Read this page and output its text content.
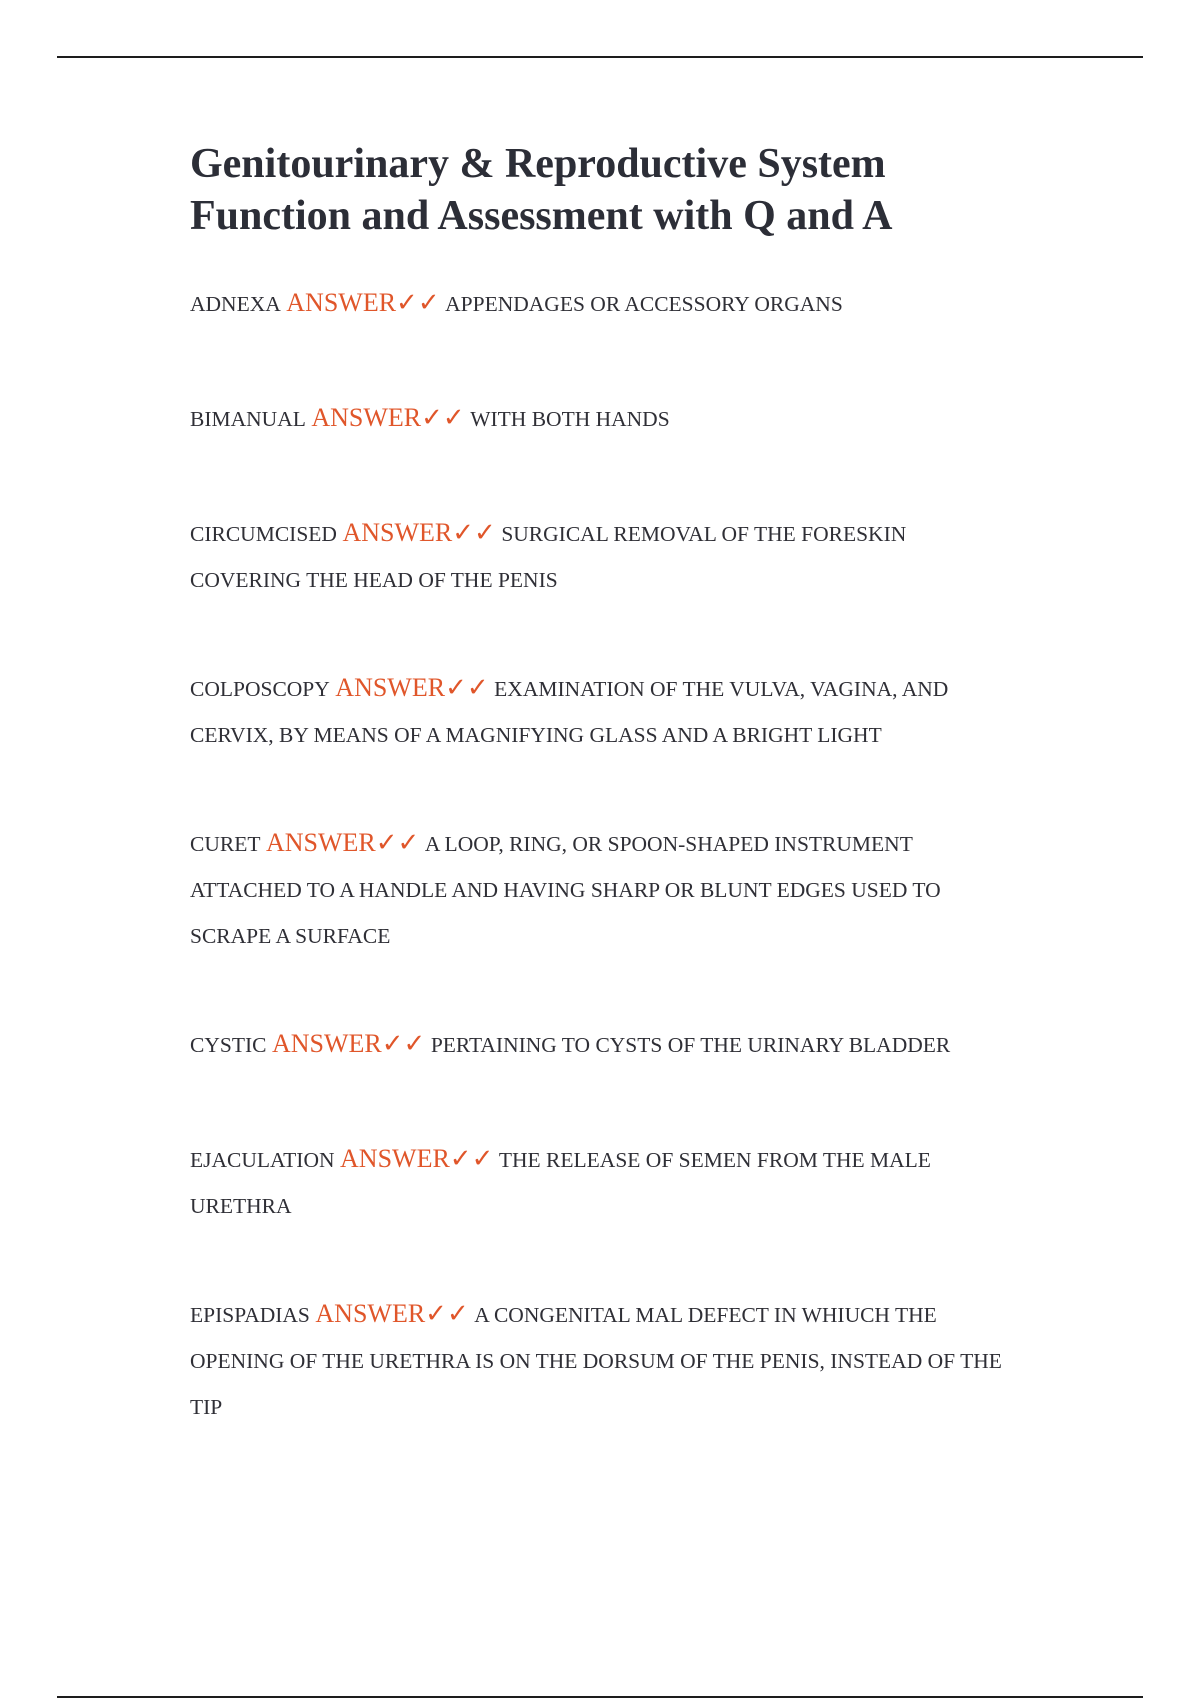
Genitourinary & Reproductive System
Function and Assessment with Q and A
ADNEXA ANSWER✓✓ APPENDAGES OR ACCESSORY ORGANS
BIMANUAL ANSWER✓✓ WITH BOTH HANDS
CIRCUMCISED ANSWER✓✓ SURGICAL REMOVAL OF THE FORESKIN COVERING THE HEAD OF THE PENIS
COLPOSCOPY ANSWER✓✓ EXAMINATION OF THE VULVA, VAGINA, AND CERVIX, BY MEANS OF A MAGNIFYING GLASS AND A BRIGHT LIGHT
CURET ANSWER✓✓ A LOOP, RING, OR SPOON-SHAPED INSTRUMENT ATTACHED TO A HANDLE AND HAVING SHARP OR BLUNT EDGES USED TO SCRAPE A SURFACE
CYSTIC ANSWER✓✓ PERTAINING TO CYSTS OF THE URINARY BLADDER
EJACULATION ANSWER✓✓ THE RELEASE OF SEMEN FROM THE MALE URETHRA
EPISPADIAS ANSWER✓✓ A CONGENITAL MAL DEFECT IN WHIUCH THE OPENING OF THE URETHRA IS ON THE DORSUM OF THE PENIS, INSTEAD OF THE TIP
